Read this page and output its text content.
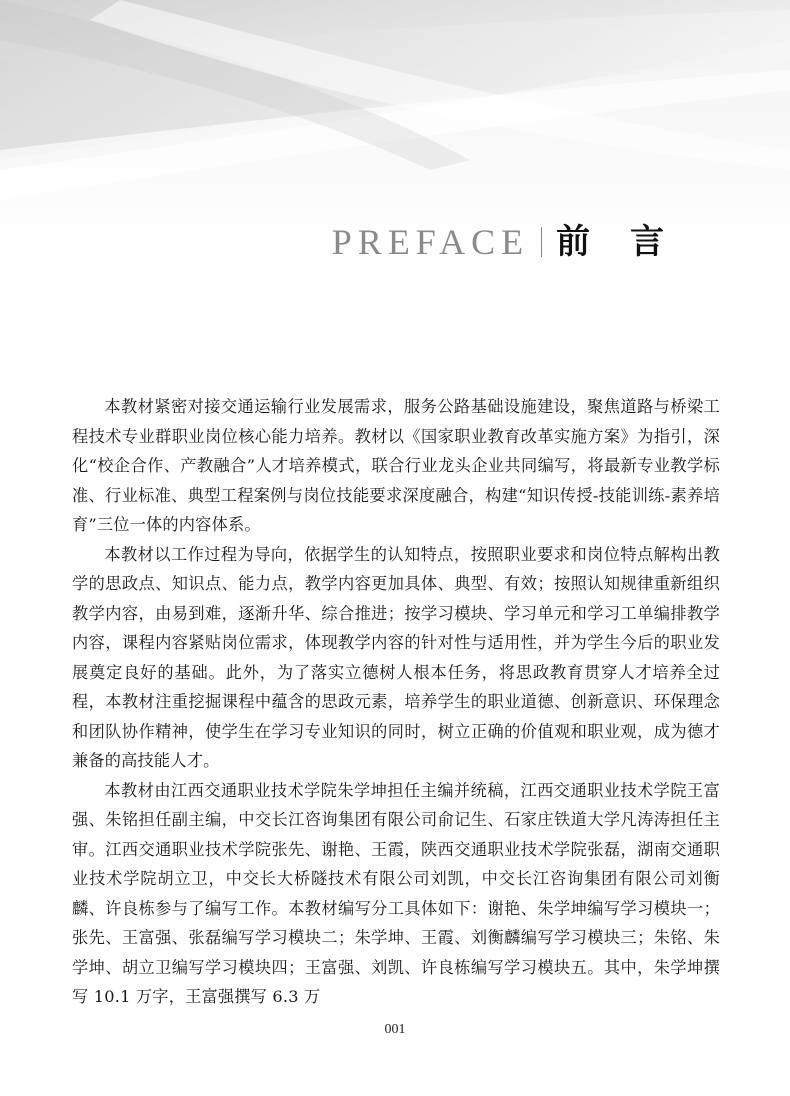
PREFACE 前 言

本教材紧密对接交通运输行业发展需求，服务公路基础设施建设，聚焦道路与桥梁工程技术专业群职业岗位核心能力培养。教材以《国家职业教育改革实施方案》为指引，深化“校企合作、产教融合”人才培养模式，联合行业龙头企业共同编写，将最新专业教学标准、行业标准、典型工程案例与岗位技能要求深度融合，构建“知识传授-技能训练-素养培育”三位一体的内容体系。

本教材以工作过程为导向，依据学生的认知特点，按照职业要求和岗位特点解构出教学的思政点、知识点、能力点，教学内容更加具体、典型、有效；按照认知规律重新组织教学内容，由易到难，逐渐升华、综合推进；按学习模块、学习单元和学习工单编排教学内容，课程内容紧贴岗位需求，体现教学内容的针对性与适用性，并为学生今后的职业发展奠定良好的基础。此外，为了落实立德树人根本任务，将思政教育贯穿人才培养全过程，本教材注重挖掘课程中蕴含的思政元素，培养学生的职业道德、创新意识、环保理念和团队协作精神，使学生在学习专业知识的同时，树立正确的价值观和职业观，成为德才兼备的高技能人才。

本教材由江西交通职业技术学院朱学坤担任主编并统稿，江西交通职业技术学院王富强、朱铭担任副主编，中交长江咨询集团有限公司俞记生、石家庄铁道大学凡涛涛担任主审。江西交通职业技术学院张先、谢艳、王霞，陕西交通职业技术学院张磊，湖南交通职业技术学院胡立卫，中交长大桥隧技术有限公司刘凯，中交长江咨询集团有限公司刘衡麟、许良栋参与了编写工作。本教材编写分工具体如下：谢艳、朱学坤编写学习模块一；张先、王富强、张磊编写学习模块二；朱学坤、王霞、刘衡麟编写学习模块三；朱铭、朱学坤、胡立卫编写学习模块四；王富强、刘凯、许良栋编写学习模块五。其中，朱学坤撰写 10.1 万字，王富强撰写 6.3 万

001
